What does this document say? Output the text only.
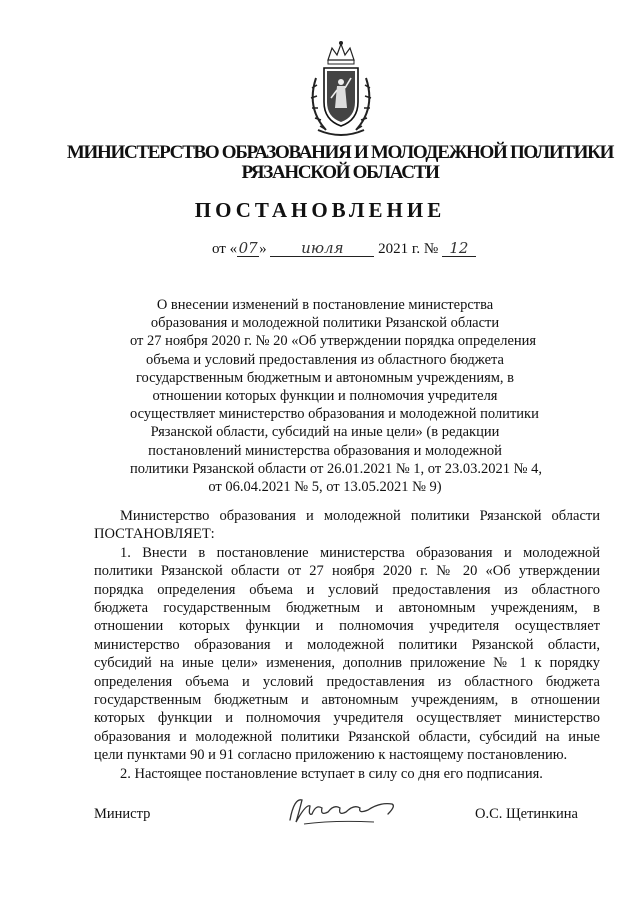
МИНИСТЕРСТВО ОБРАЗОВАНИЯ И МОЛОДЕЖНОЙ ПОЛИТИКИ
РЯЗАНСКОЙ ОБЛАСТИ
ПОСТАНОВЛЕНИЕ
от «07» июля 2021 г. № 12
О внесении изменений в постановление министерства
образования и молодежной политики Рязанской области
от 27 ноября 2020 г. № 20 «Об утверждении порядка определения
объема и условий предоставления из областного бюджета
государственным бюджетным и автономным учреждениям, в
отношении которых функции и полномочия учредителя
осуществляет министерство образования и молодежной политики
Рязанской области, субсидий на иные цели» (в редакции
постановлений министерства образования и молодежной
политики Рязанской области от 26.01.2021 № 1, от 23.03.2021 № 4,
от 06.04.2021 № 5, от 13.05.2021 № 9)
Министерство образования и молодежной политики Рязанской области
ПОСТАНОВЛЯЕТ:
1. Внести в постановление министерства образования и молодежной
политики Рязанской области от 27 ноября 2020 г. № 20 «Об утверждении
порядка определения объема и условий предоставления из областного
бюджета государственным бюджетным и автономным учреждениям, в
отношении которых функции и полномочия учредителя осуществляет
министерство образования и молодежной политики Рязанской области,
субсидий на иные цели» изменения, дополнив приложение № 1 к порядку
определения объема и условий предоставления из областного бюджета
государственным бюджетным и автономным учреждениям, в отношении
которых функции и полномочия учредителя осуществляет министерство
образования и молодежной политики Рязанской области, субсидий на иные
цели пунктами 90 и 91 согласно приложению к настоящему постановлению.
2. Настоящее постановление вступает в силу со дня его подписания.
Министр	О.С. Щетинкина
